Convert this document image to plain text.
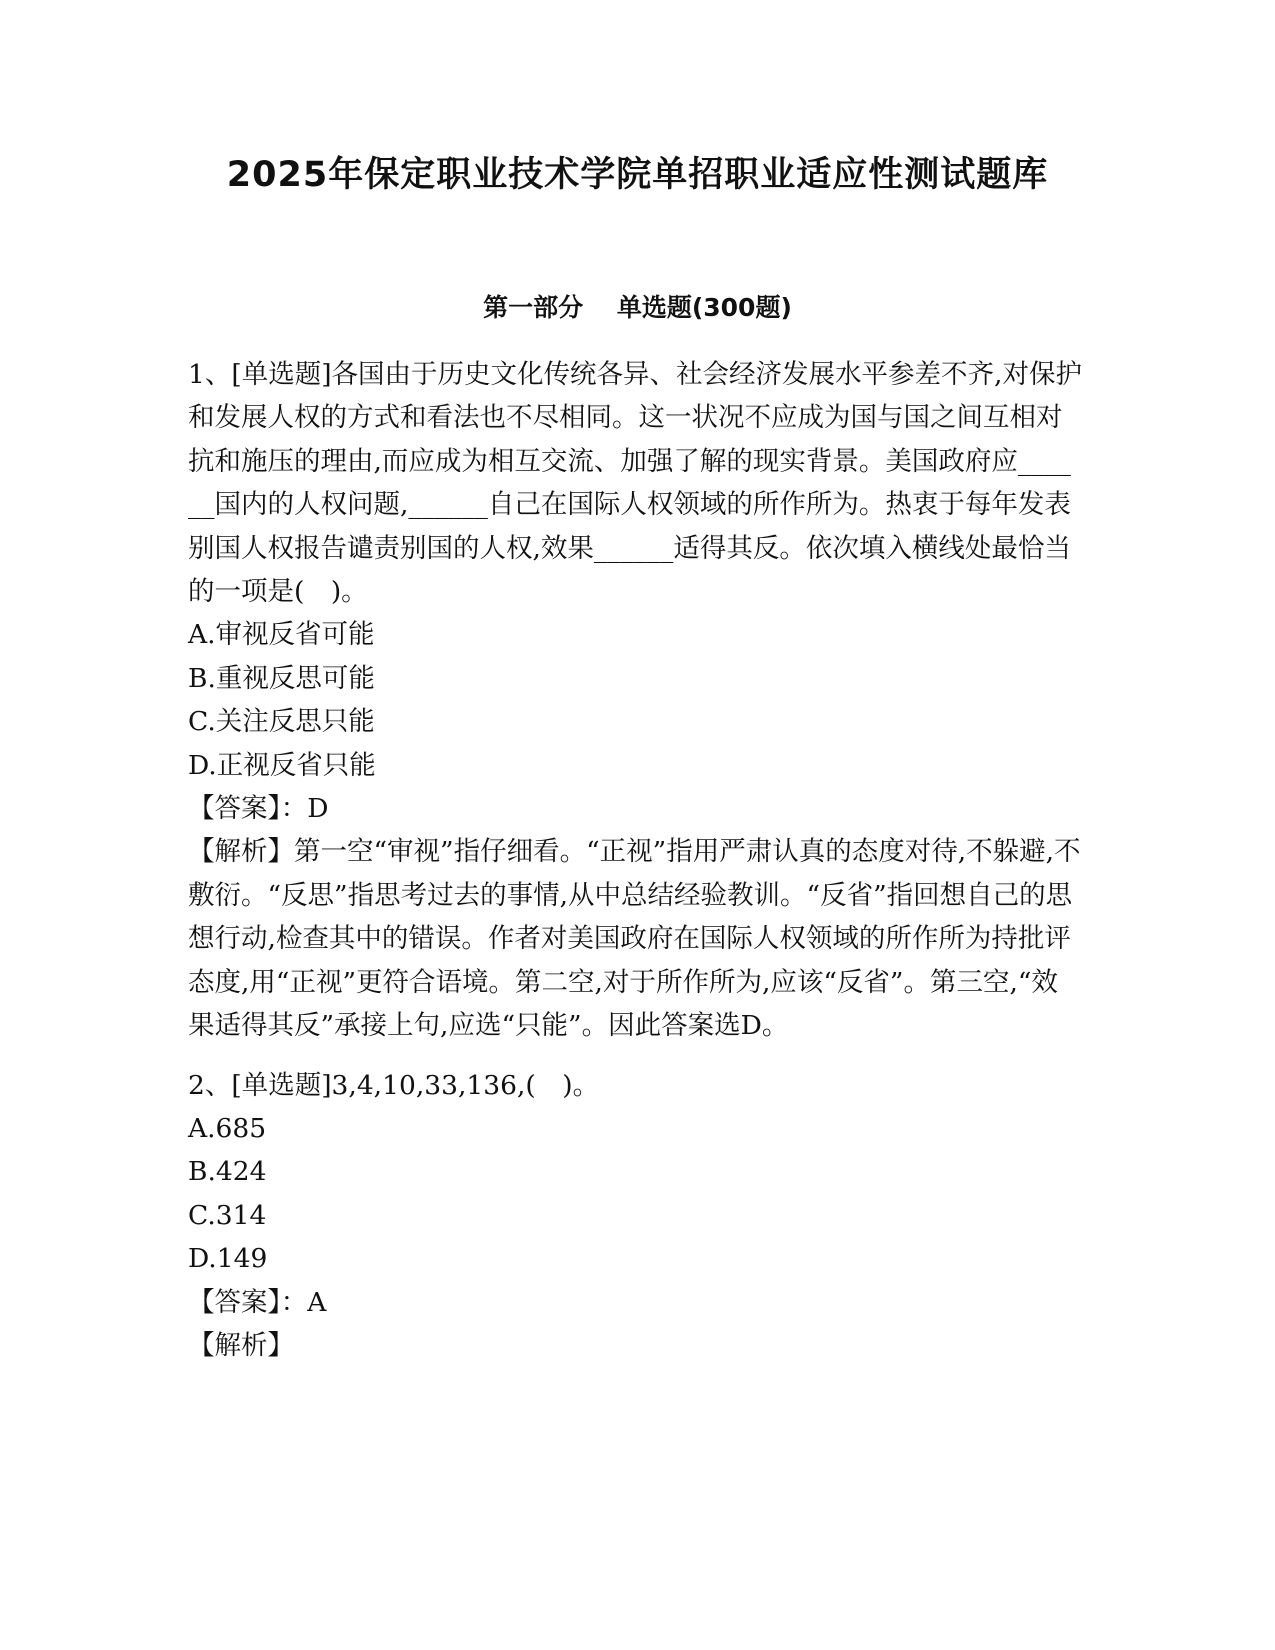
2025年保定职业技术学院单招职业适应性测试题库
第一部分　 单选题(300题)

1、[单选题]各国由于历史文化传统各异、社会经济发展水平参差不齐,对保护和发展人权的方式和看法也不尽相同。这一状况不应成为国与国之间互相对抗和施压的理由,而应成为相互交流、加强了解的现实背景。美国政府应______国内的人权问题,______自己在国际人权领域的所作所为。热衷于每年发表别国人权报告谴责别国的人权,效果______适得其反。依次填入横线处最恰当的一项是(　)。

A.审视反省可能

B.重视反思可能

C.关注反思只能

D.正视反省只能

【答案】：D

【解析】第一空“审视”指仔细看。“正视”指用严肃认真的态度对待,不躲避,不敷衍。“反思”指思考过去的事情,从中总结经验教训。“反省”指回想自己的思想行动,检查其中的错误。作者对美国政府在国际人权领域的所作所为持批评态度,用“正视”更符合语境。第二空,对于所作所为,应该“反省”。第三空,“效果适得其反”承接上句,应选“只能”。因此答案选D。

2、[单选题]3,4,10,33,136,(　)。

A.685

B.424

C.314

D.149

【答案】：A

【解析】
